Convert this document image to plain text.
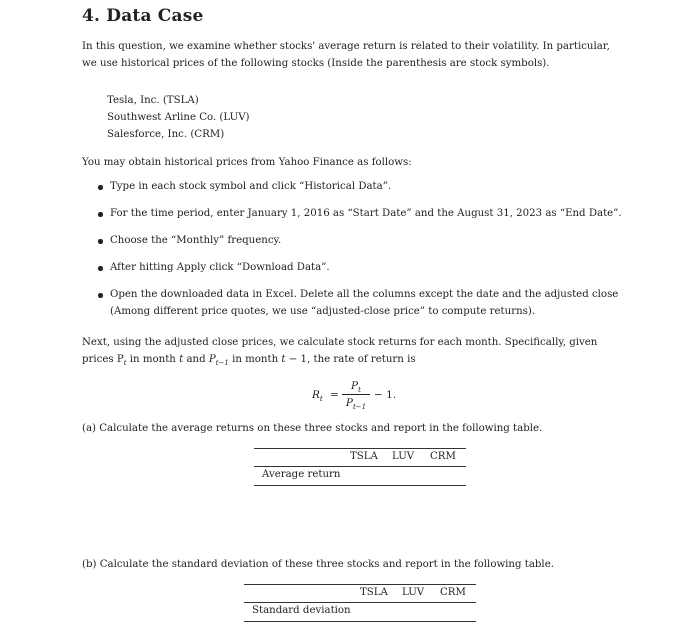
4. Data Case

In this question, we examine whether stocks' average return is related to their volatility. In particular, we use historical prices of the following stocks (Inside the parenthesis are stock symbols).

Tesla, Inc. (TSLA)
Southwest Arline Co. (LUV)
Salesforce, Inc. (CRM)

You may obtain historical prices from Yahoo Finance as follows:

Type in each stock symbol and click “Historical Data”.
For the time period, enter January 1, 2016 as “Start Date” and the August 31, 2023 as “End Date”.
Choose the “Monthly” frequency.
After hitting Apply click “Download Data”.
Open the downloaded data in Excel. Delete all the columns except the date and the adjusted close (Among different price quotes, we use “adjusted-close price” to compute returns).

Next, using the adjusted close prices, we calculate stock returns for each month. Specifically, given prices $P_t$ in month t and $P_{t-1}$ in month t − 1, the rate of return is

$R_t$ =
$P_t$
$P_{t-1}$
− 1.

(a) Calculate the average returns on these three stocks and report in the following table.

TSLA LUV CRM
Average return

(b) Calculate the standard deviation of these three stocks and report in the following table.

TSLA LUV CRM
Standard deviation
